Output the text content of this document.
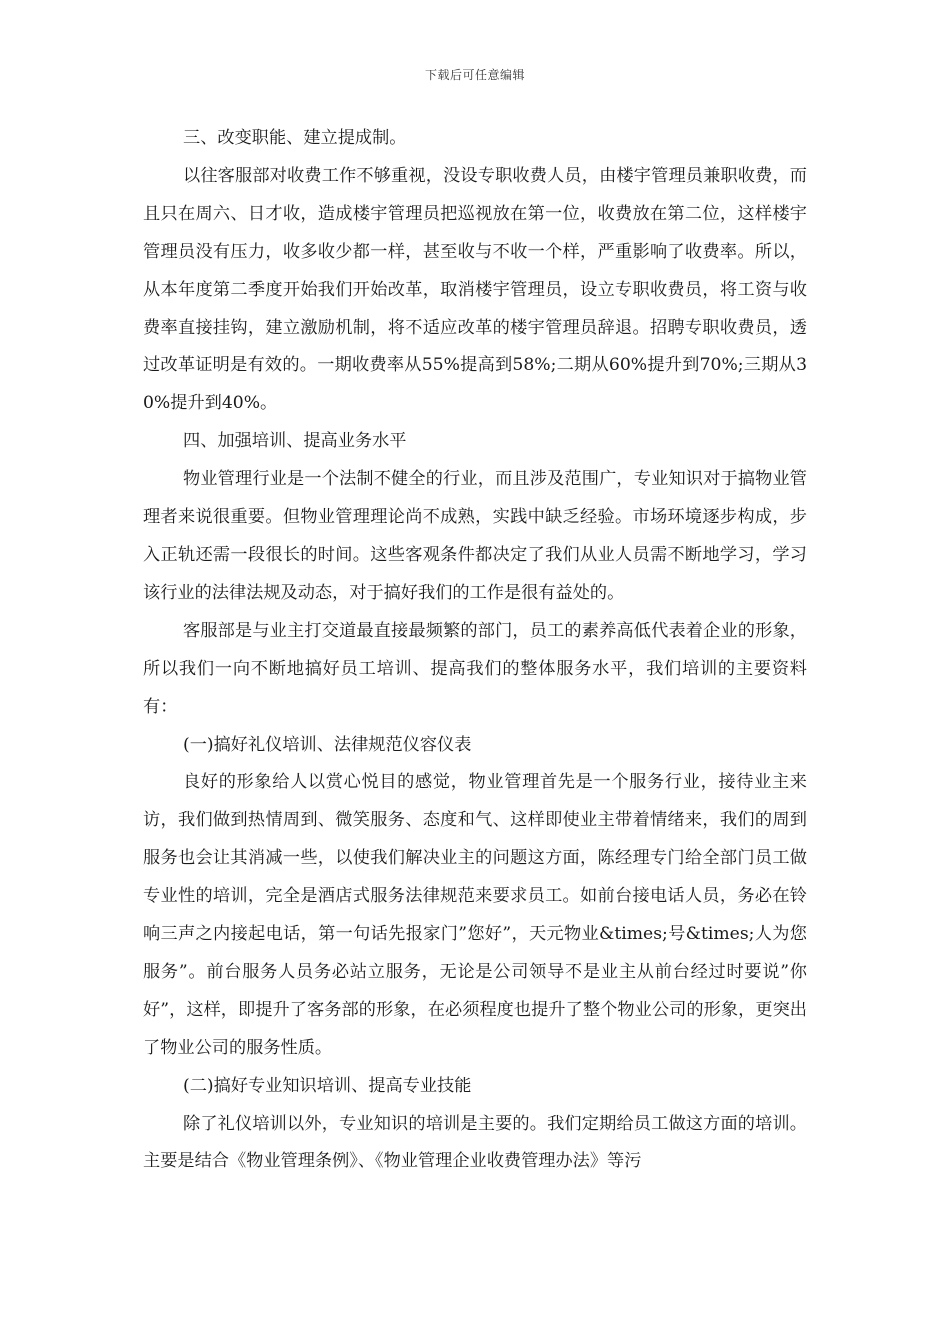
下载后可任意编辑

三、改变职能、建立提成制。

以往客服部对收费工作不够重视，没设专职收费人员，由楼宇管理员兼职收费，而且只在周六、日才收，造成楼宇管理员把巡视放在第一位，收费放在第二位，这样楼宇管理员没有压力，收多收少都一样，甚至收与不收一个样，严重影响了收费率。所以，从本年度第二季度开始我们开始改革，取消楼宇管理员，设立专职收费员，将工资与收费率直接挂钩，建立激励机制，将不适应改革的楼宇管理员辞退。招聘专职收费员，透过改革证明是有效的。一期收费率从55%提高到58%;二期从60%提升到70%;三期从30%提升到40%。

四、加强培训、提高业务水平

物业管理行业是一个法制不健全的行业，而且涉及范围广，专业知识对于搞物业管理者来说很重要。但物业管理理论尚不成熟，实践中缺乏经验。市场环境逐步构成，步入正轨还需一段很长的时间。这些客观条件都决定了我们从业人员需不断地学习，学习该行业的法律法规及动态，对于搞好我们的工作是很有益处的。

客服部是与业主打交道最直接最频繁的部门，员工的素养高低代表着企业的形象，所以我们一向不断地搞好员工培训、提高我们的整体服务水平，我们培训的主要资料有：

(一)搞好礼仪培训、法律规范仪容仪表

良好的形象给人以赏心悦目的感觉，物业管理首先是一个服务行业，接待业主来访，我们做到热情周到、微笑服务、态度和气、这样即使业主带着情绪来，我们的周到服务也会让其消减一些，以使我们解决业主的问题这方面，陈经理专门给全部门员工做专业性的培训，完全是酒店式服务法律规范来要求员工。如前台接电话人员，务必在铃响三声之内接起电话，第一句话先报家门”您好”，天元物业&times;号&times;人为您服务”。前台服务人员务必站立服务，无论是公司领导不是业主从前台经过时要说”你好”，这样，即提升了客务部的形象，在必须程度也提升了整个物业公司的形象，更突出了物业公司的服务性质。

(二)搞好专业知识培训、提高专业技能

除了礼仪培训以外，专业知识的培训是主要的。我们定期给员工做这方面的培训。主要是结合《物业管理条例》、《物业管理企业收费管理办法》等污
